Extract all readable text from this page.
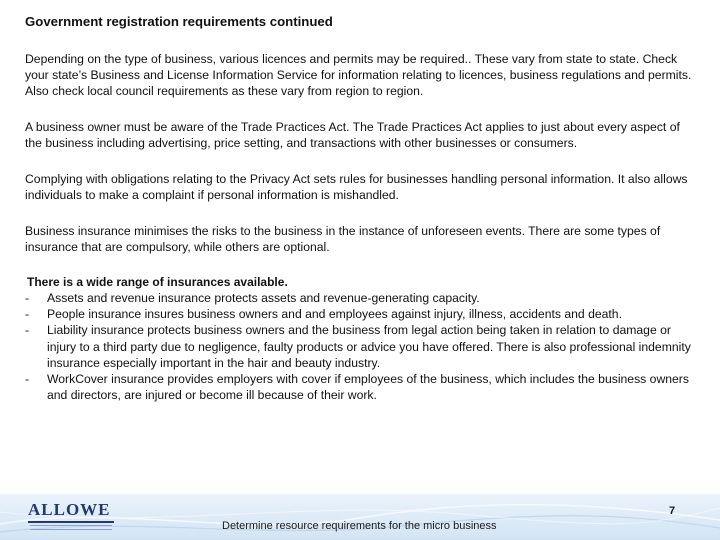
Government registration requirements continued

Depending on the type of business, various licences and permits may be required.. These vary from state to state. Check your state’s Business and License Information Service for information relating to licences, business regulations and permits. Also check local council requirements as these vary from region to region.

A business owner must be aware of the Trade Practices Act. The Trade Practices Act applies to just about every aspect of the business including advertising, price setting, and transactions with other businesses or consumers.

Complying with obligations relating to the Privacy Act sets rules for businesses handling personal information. It also allows individuals to make a complaint if personal information is mishandled.

Business insurance minimises the risks to the business in the instance of unforeseen events. There are some types of insurance that are compulsory, while others are optional.

There is a wide range of insurances available.
- Assets and revenue insurance protects assets and revenue-generating capacity.
- People insurance insures business owners and and employees against injury, illness, accidents and death.
- Liability insurance protects business owners and the business from legal action being taken in relation to damage or injury to a third party due to negligence, faulty products or advice you have offered. There is also professional indemnity insurance especially important in the hair and beauty industry.
- WorkCover insurance provides employers with cover if employees of the business, which includes the business owners and directors, are injured or become ill because of their work.
ALLOWE
Determine resource requirements for the micro business
7
